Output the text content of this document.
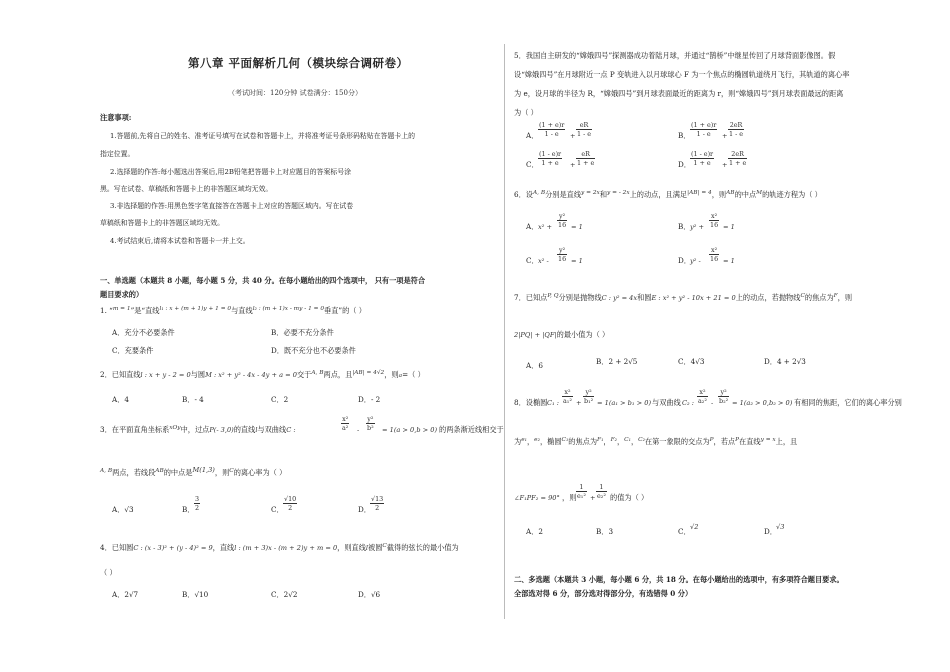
第八章 平面解析几何（模块综合调研卷）
（考试时间：120分钟 试卷满分：150分）
注意事项:
1.答题前,先将自己的姓名、准考证号填写在试卷和答题卡上，并将准考证号条形码粘贴在答题卡上的
指定位置。
2.选择题的作答:每小题选出答案后,用2B铅笔把答题卡上对应题目的答案标号涂
黑。写在试卷、草稿纸和答题卡上的非答题区域均无效。
3.非选择题的作答:用黑色签字笔直接答在答题卡上对应的答题区域内。写在试卷
草稿纸和答题卡上的非答题区域均无效。
4.考试结束后,请将本试卷和答题卡一并上交。
一、单选题（本题共 8 小题，每小题 5 分，共 40 分。在每小题给出的四个选项中， 只有一项是符合
题目要求的）
1. “$^{m = 1}$”是“直线$^{l_1 : x + (m + 1)y + 1 = 0}$与直线$^{l_2 : (m + 1)x - my - 1 = 0}$垂直”的（ ）
A．充分不必要条件	B．必要不充分条件
C．充要条件	D．既不充分也不必要条件
2．已知直线l : x + y - 2 = 0与圆M : x² + y² - 4x - 4y + a = 0交于$^{A, B}$两点，且$^{|AB| = 4√2}$，则a=（ ）
A．4	B．- 4	C．2	D．- 2
3．在平面直角坐标系$^{xOy}$中，过点P(- 3,0)的直线l与双曲线C :	$\frac{\text{x²}}{\text{a²}} - \frac{\text{y²}}{\text{b²}} = 1(a > 0,b > 0)$ 的两条渐近线相交于
$^{A, B}$两点，若线段$^{AB}$的中点是M(1,3)，则$^C$的离心率为（ ）
A．√3	B． $\frac{3}{2}$	C． $\frac{√10}{2}$	D． $\frac{√13}{2}$
4．已知圆C : (x - 3)² + (y - 4)² = 9，直线l : (m + 3)x - (m + 2)y + m = 0，则直线l被圆$^C$截得的弦长的最小值为
（ ）
A．2√7	B．√10	C．2√2	D．√6
5．我国自主研发的“嫦娥四号”探测器成功着陆月球，并通过“鹊桥”中继星传回了月球背面影像图。假
设“嫦娥四号”在月球附近一点 P 变轨进入以月球球心 F 为一个焦点的椭圆轨道绕月飞行，其轨道的离心率
为 e，设月球的半径为 R，“嫦娥四号”到月球表面最近的距离为 r，则“嫦娥四号”到月球表面最远的距离
为（ ）
A． $\frac{(1 + e)r}{1 - e} + \frac{eR}{1 - e}$	B． $\frac{(1 + e)r}{1 - e} + \frac{2eR}{1 - e}$
C． $\frac{(1 - e)r}{1 + e} + \frac{eR}{1 + e}$	D． $\frac{(1 - e)r}{1 + e} + \frac{2eR}{1 + e}$
6．设$^{A, B}$分别是直线$^{y = 2x}$和$^{y = - 2x}$上的动点，且满足$^{|AB| = 4}$，则$^{AB}$的中点$^M$的轨迹方程为（ ）
A． $x^2 + \frac{\text{y²}}{16} = 1$	B． $y^2 + \frac{\text{x²}}{16} = 1$
C． $x^2 - \frac{\text{y²}}{16} = 1$	D． $y^2 - \frac{\text{x²}}{16} = 1$
7．已知点$^{P, Q}$分别是抛物线C : y² = 4x和圆E : x² + y² - 10x + 21 = 0上的动点，若抛物线$^C$的焦点为$^F$，则
2|PQ| + |QF|的最小值为（ ）
A．6	B．2 + 2√5	C．4√3	D．4 + 2√3
8．设椭圆 C₁ : $\frac{\text{x²}}{\text{a₁²}} + \frac{\text{y²}}{\text{b₁²}} = 1(a_1 > b_1 > 0)$ 与双曲线 C₂ : $\frac{\text{x²}}{\text{a₂²}} - \frac{\text{y²}}{\text{b₂²}} = 1(a_2 > 0,b_2 > 0)$ 有相同的焦距，它们的离心率分别
为$^{e_1}$，$^{e_2}$，椭圆$^{C_1}$的焦点为$^{F_1}$，$^{F_2}$，$^{C_1}$，$^{C_2}$在第一象限的交点为$^P$，若点$^P$在直线$^{y = x}$上，且
∠F₁PF₂ = 90° ，则 $\frac{1}{\text{e₁²}} + \frac{1}{\text{e₂²}}$ 的值为（ ）
A．2	B．3	C． √2	D． √3
二、多选题（本题共 3 小题，每小题 6 分，共 18 分。在每小题给出的选项中，有多项符合题目要求。
全部选对得 6 分，部分选对得部分分，有选错得 0 分）
